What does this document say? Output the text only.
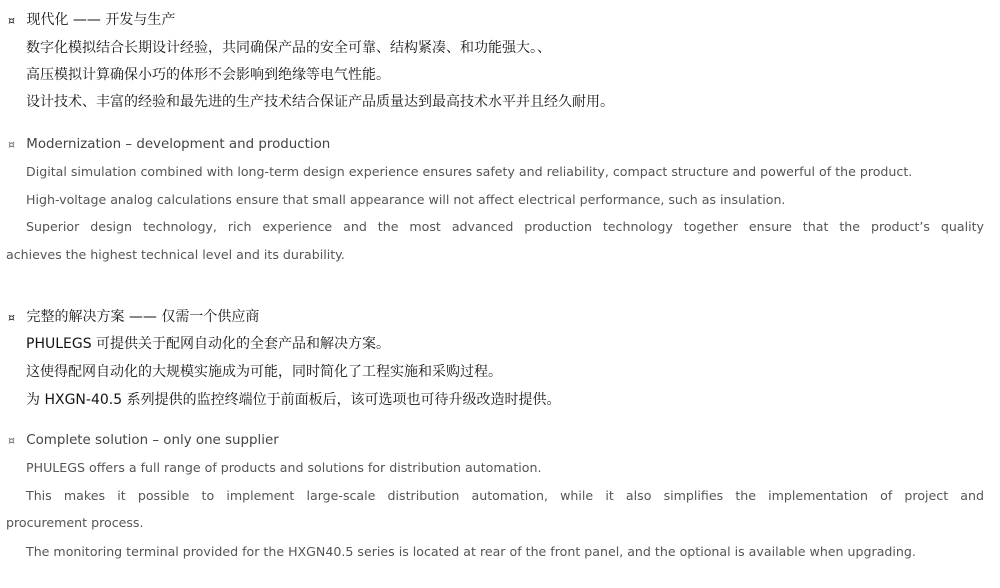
¤ 现代化 —— 开发与生产
数字化模拟结合长期设计经验，共同确保产品的安全可靠、结构紧凑、和功能强大。、
高压模拟计算确保小巧的体形不会影响到绝缘等电气性能。
设计技术、丰富的经验和最先进的生产技术结合保证产品质量达到最高技术水平并且经久耐用。
¤ Modernization – development and production
Digital simulation combined with long-term design experience ensures safety and reliability, compact structure and powerful of the product.
High-voltage analog calculations ensure that small appearance will not affect electrical performance, such as insulation.
Superior design technology, rich experience and the most advanced production technology together ensure that the product’s quality
achieves the highest technical level and its durability.
¤ 完整的解决方案 —— 仅需一个供应商
PHULEGS 可提供关于配网自动化的全套产品和解决方案。
这使得配网自动化的大规模实施成为可能，同时简化了工程实施和采购过程。
为 HXGN-40.5 系列提供的监控终端位于前面板后，该可选项也可待升级改造时提供。
¤ Complete solution – only one supplier
PHULEGS offers a full range of products and solutions for distribution automation.
This makes it possible to implement large-scale distribution automation, while it also simplifies the implementation of project and
procurement process.
The monitoring terminal provided for the HXGN40.5 series is located at rear of the front panel, and the optional is available when upgrading.
